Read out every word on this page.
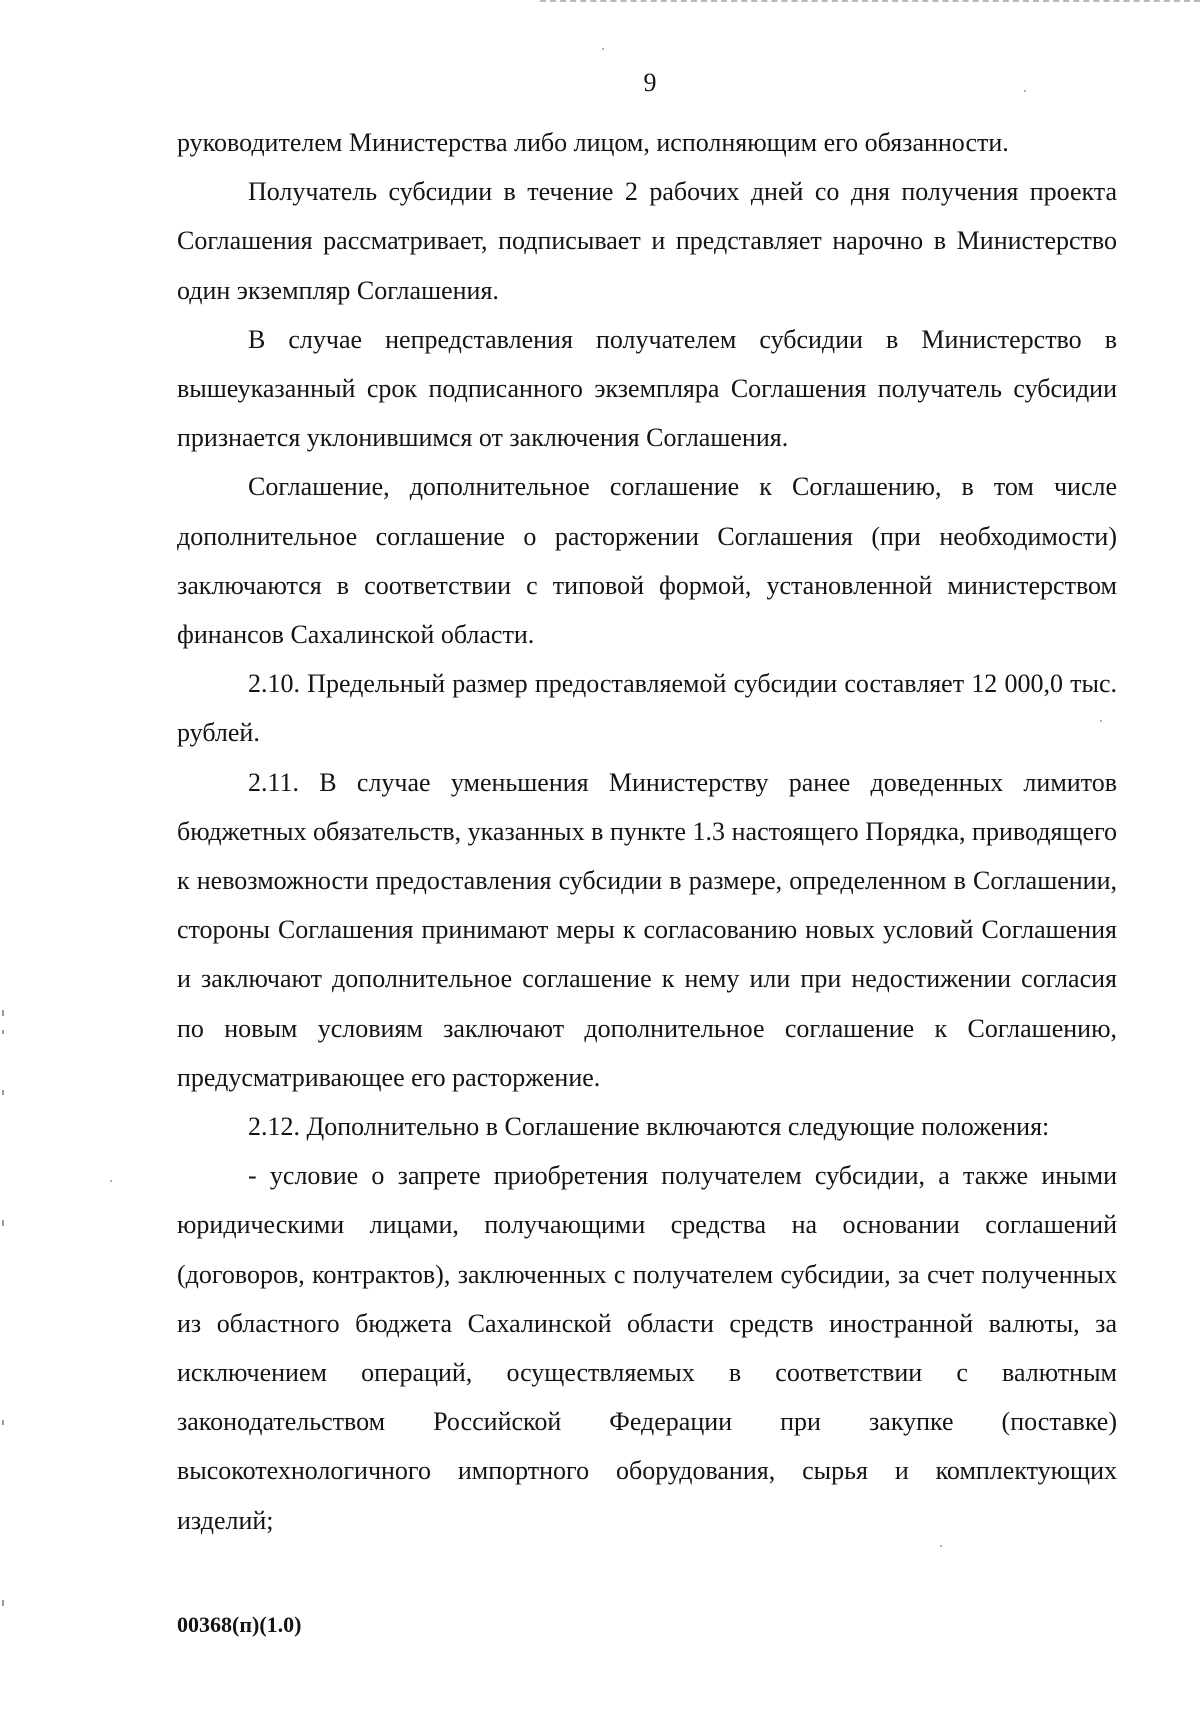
9

руководителем Министерства либо лицом, исполняющим его обязанности.

Получатель субсидии в течение 2 рабочих дней со дня получения проекта Соглашения рассматривает, подписывает и представляет нарочно в Министерство один экземпляр Соглашения.

В случае непредставления получателем субсидии в Министерство в вышеуказанный срок подписанного экземпляра Соглашения получатель субсидии признается уклонившимся от заключения Соглашения.

Соглашение, дополнительное соглашение к Соглашению, в том числе дополнительное соглашение о расторжении Соглашения (при необходимости) заключаются в соответствии с типовой формой, установленной министерством финансов Сахалинской области.

2.10. Предельный размер предоставляемой субсидии составляет 12 000,0 тыс. рублей.

2.11. В случае уменьшения Министерству ранее доведенных лимитов бюджетных обязательств, указанных в пункте 1.3 настоящего Порядка, приводящего к невозможности предоставления субсидии в размере, определенном в Соглашении, стороны Соглашения принимают меры к согласованию новых условий Соглашения и заключают дополнительное соглашение к нему или при недостижении согласия по новым условиям заключают дополнительное соглашение к Соглашению, предусматривающее его расторжение.

2.12. Дополнительно в Соглашение включаются следующие положения:

- условие о запрете приобретения получателем субсидии, а также иными юридическими лицами, получающими средства на основании соглашений (договоров, контрактов), заключенных с получателем субсидии, за счет полученных из областного бюджета Сахалинской области средств иностранной валюты, за исключением операций, осуществляемых в соответствии с валютным законодательством Российской Федерации при закупке (поставке) высокотехнологичного импортного оборудования, сырья и комплектующих изделий;

00368(п)(1.0)
